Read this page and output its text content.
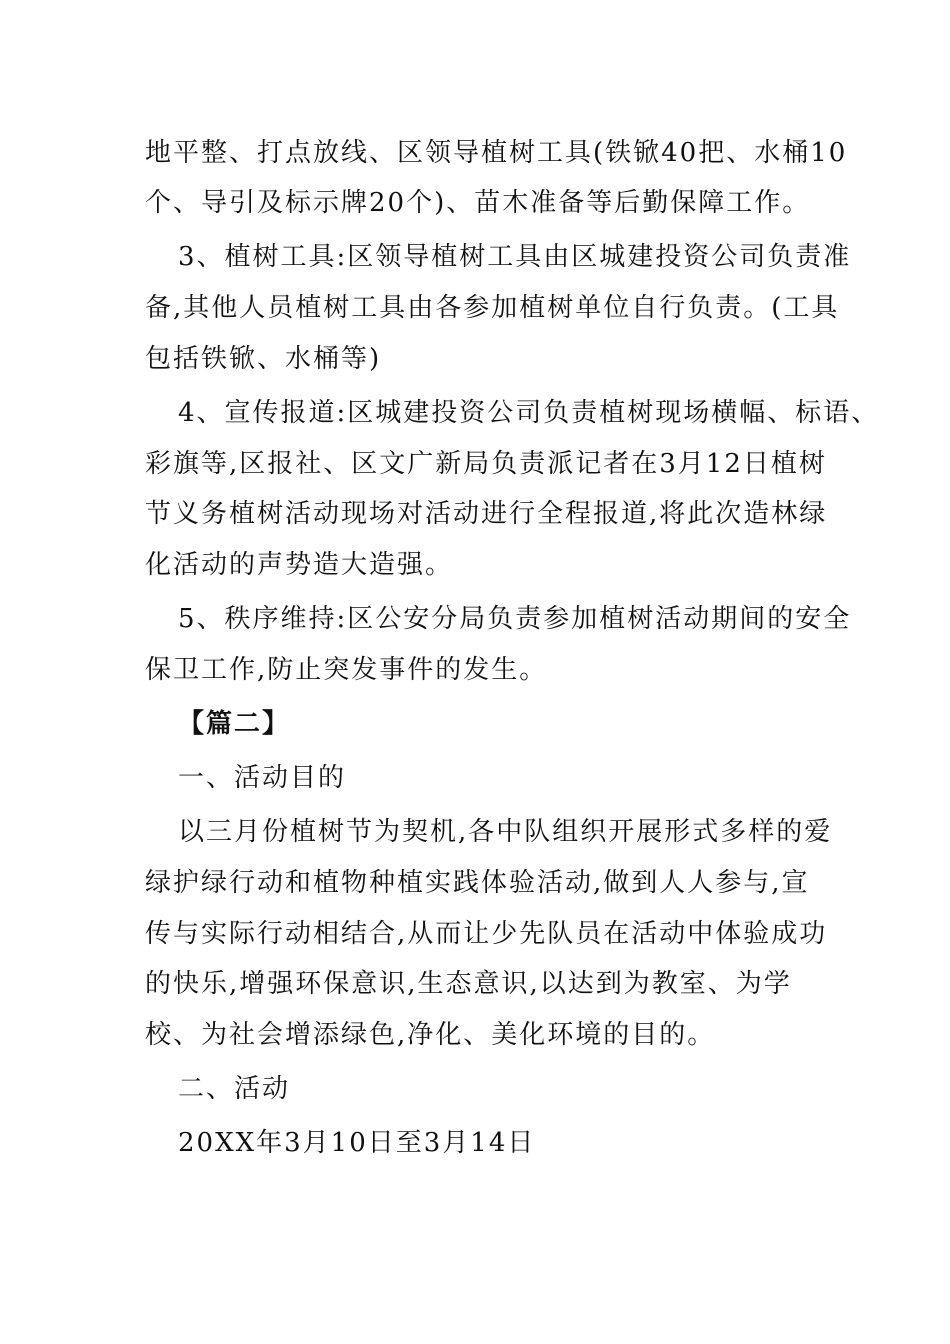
地平整、打点放线、区领导植树工具(铁锨40把、水桶10
个、导引及标示牌20个)、苗木准备等后勤保障工作。
3、植树工具:区领导植树工具由区城建投资公司负责准
备,其他人员植树工具由各参加植树单位自行负责。(工具
包括铁锨、水桶等)
4、宣传报道:区城建投资公司负责植树现场横幅、标语、
彩旗等,区报社、区文广新局负责派记者在3月12日植树
节义务植树活动现场对活动进行全程报道,将此次造林绿
化活动的声势造大造强。
5、秩序维持:区公安分局负责参加植树活动期间的安全
保卫工作,防止突发事件的发生。
【篇二】
一、活动目的
以三月份植树节为契机,各中队组织开展形式多样的爱
绿护绿行动和植物种植实践体验活动,做到人人参与,宣
传与实际行动相结合,从而让少先队员在活动中体验成功
的快乐,增强环保意识,生态意识,以达到为教室、为学
校、为社会增添绿色,净化、美化环境的目的。
二、活动
20XX年3月10日至3月14日
